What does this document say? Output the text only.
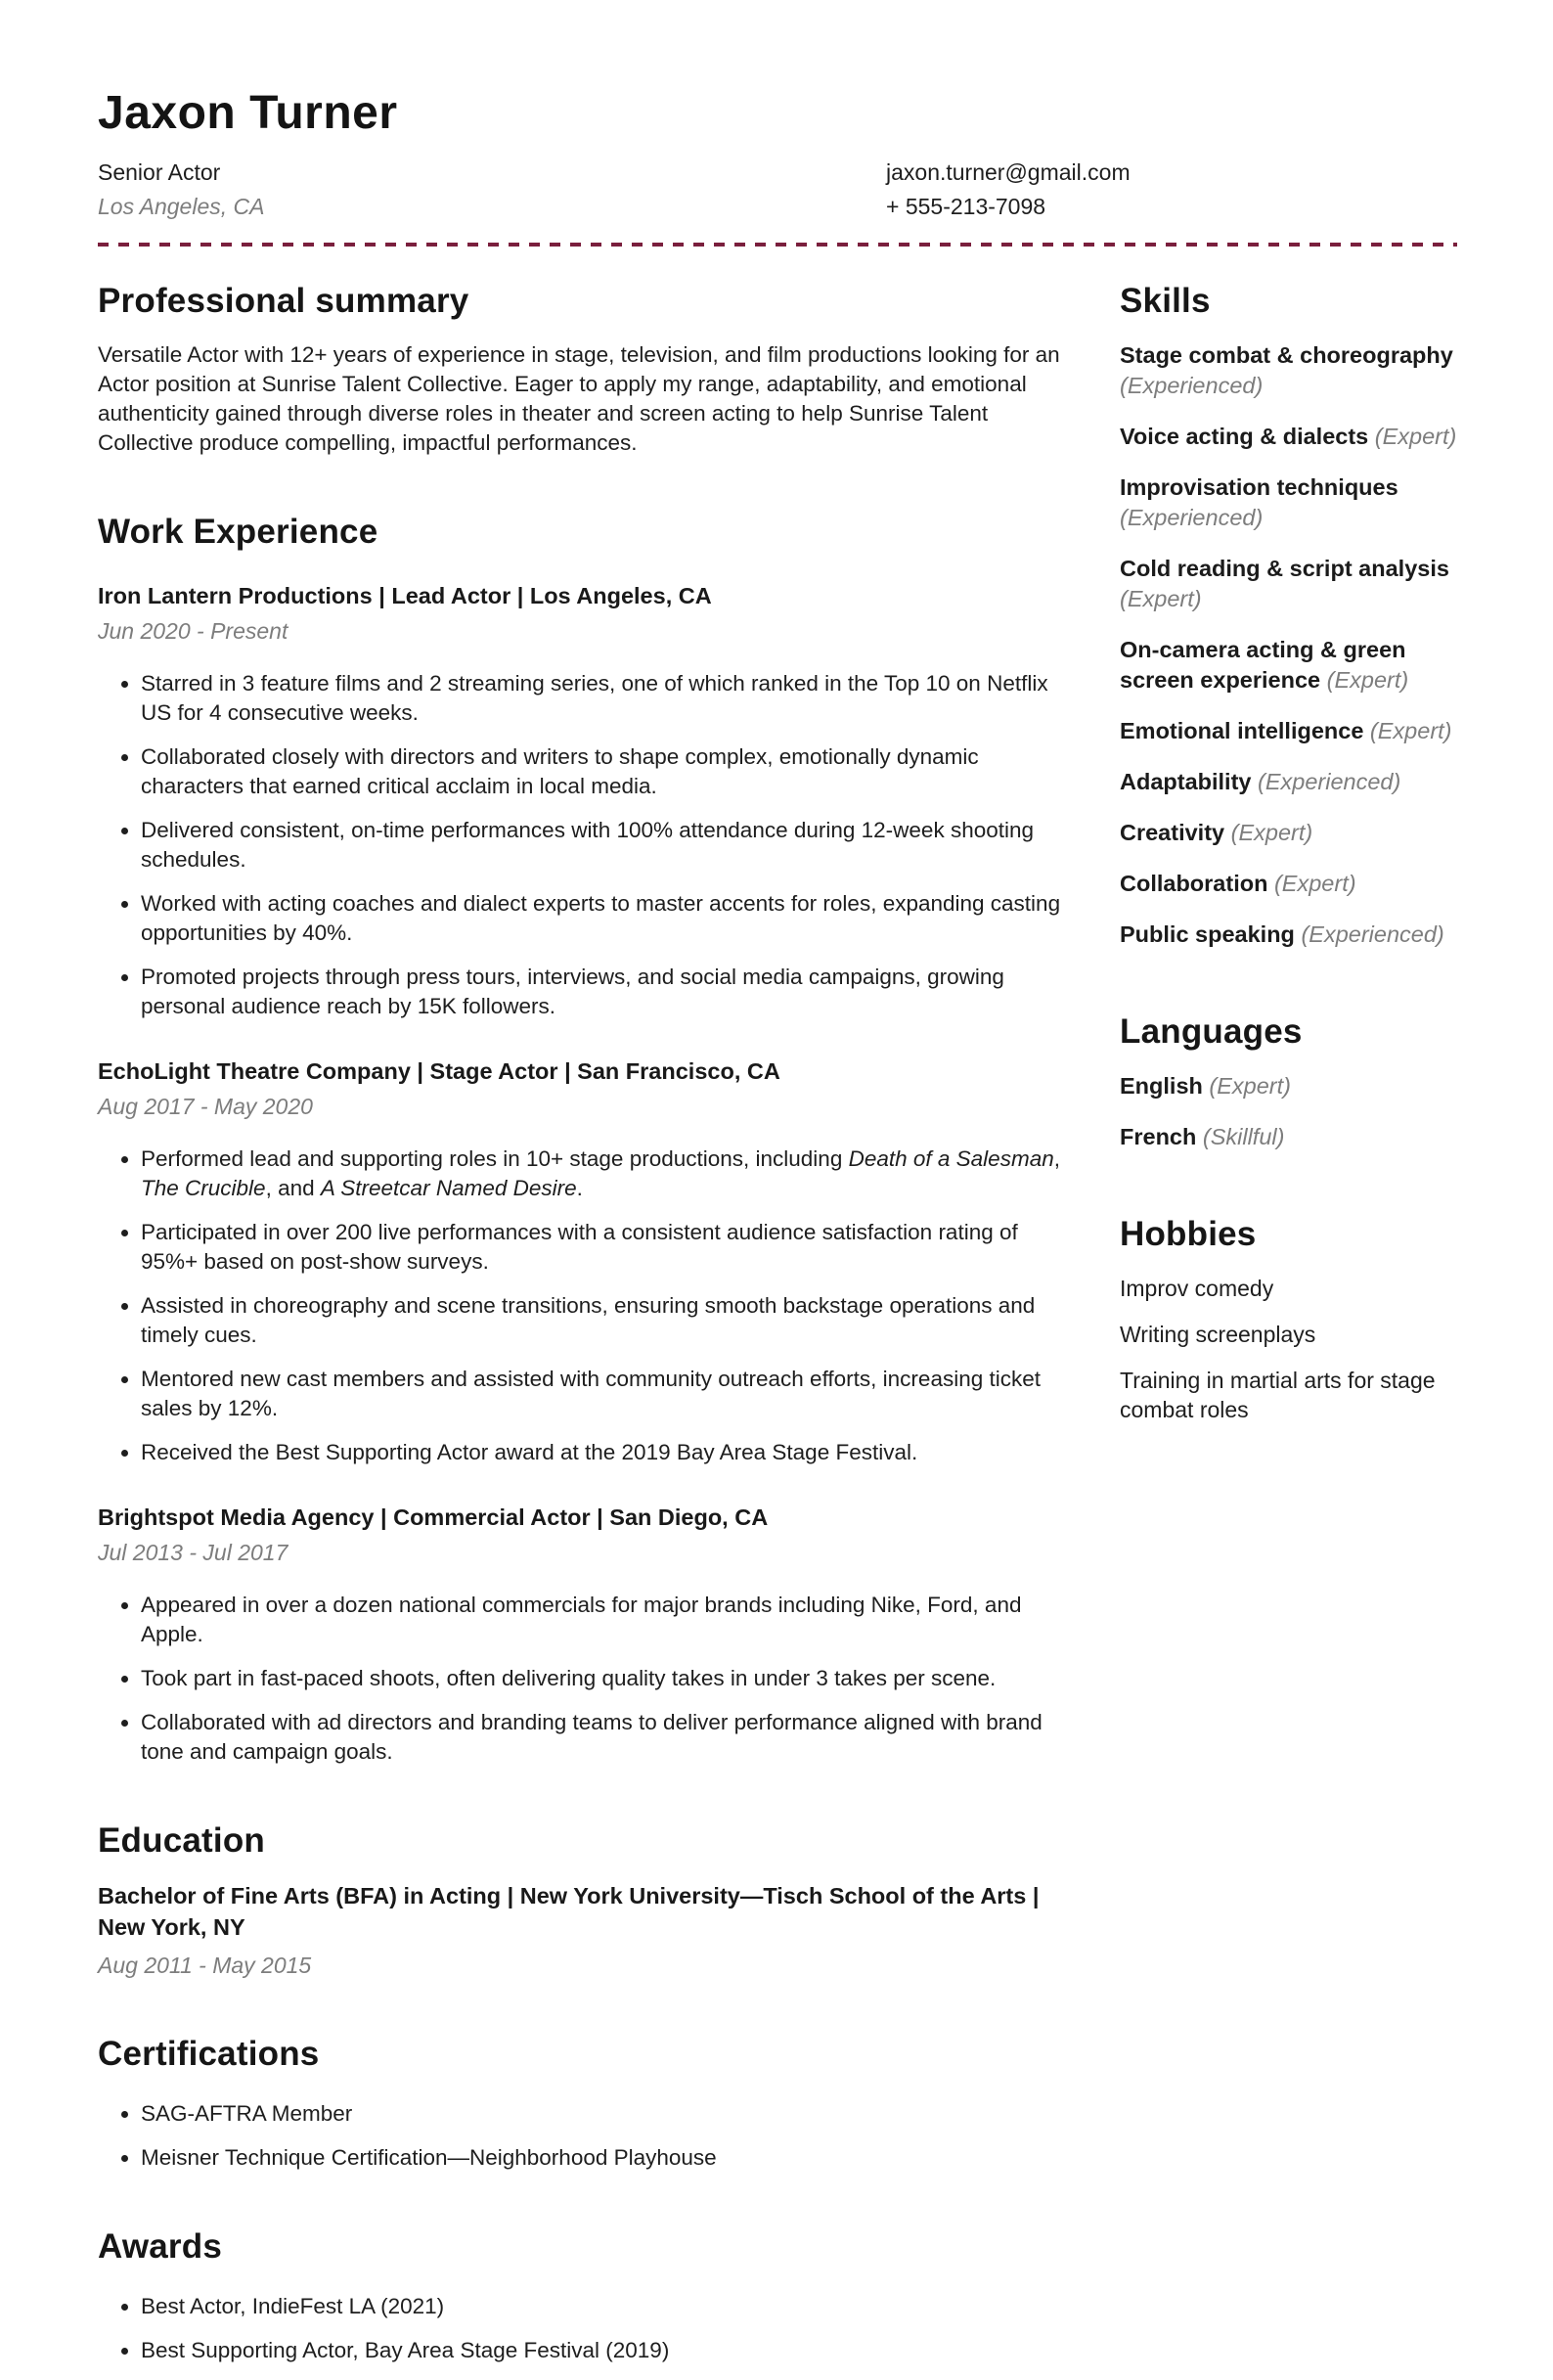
Jaxon Turner
Senior Actor
Los Angeles, CA
jaxon.turner@gmail.com
+ 555-213-7098
Professional summary

Versatile Actor with 12+ years of experience in stage, television, and film productions looking for an Actor position at Sunrise Talent Collective. Eager to apply my range, adaptability, and emotional authenticity gained through diverse roles in theater and screen acting to help Sunrise Talent Collective produce compelling, impactful performances.

Work Experience
Iron Lantern Productions | Lead Actor | Los Angeles, CA
Jun 2020 - Present
• Starred in 3 feature films and 2 streaming series, one of which ranked in the Top 10 on Netflix US for 4 consecutive weeks.
• Collaborated closely with directors and writers to shape complex, emotionally dynamic characters that earned critical acclaim in local media.
• Delivered consistent, on-time performances with 100% attendance during 12-week shooting schedules.
• Worked with acting coaches and dialect experts to master accents for roles, expanding casting opportunities by 40%.
• Promoted projects through press tours, interviews, and social media campaigns, growing personal audience reach by 15K followers.
EchoLight Theatre Company | Stage Actor | San Francisco, CA
Aug 2017 - May 2020
• Performed lead and supporting roles in 10+ stage productions, including Death of a Salesman, The Crucible, and A Streetcar Named Desire.
• Participated in over 200 live performances with a consistent audience satisfaction rating of 95%+ based on post-show surveys.
• Assisted in choreography and scene transitions, ensuring smooth backstage operations and timely cues.
• Mentored new cast members and assisted with community outreach efforts, increasing ticket sales by 12%.
• Received the Best Supporting Actor award at the 2019 Bay Area Stage Festival.
Brightspot Media Agency | Commercial Actor | San Diego, CA
Jul 2013 - Jul 2017
• Appeared in over a dozen national commercials for major brands including Nike, Ford, and Apple.
• Took part in fast-paced shoots, often delivering quality takes in under 3 takes per scene.
• Collaborated with ad directors and branding teams to deliver performance aligned with brand tone and campaign goals.
Education
Bachelor of Fine Arts (BFA) in Acting | New York University—Tisch School of the Arts | New York, NY
Aug 2011 - May 2015
Certifications
• SAG-AFTRA Member
• Meisner Technique Certification—Neighborhood Playhouse
Awards
• Best Actor, IndieFest LA (2021)
• Best Supporting Actor, Bay Area Stage Festival (2019)
Skills
Stage combat & choreography (Experienced)
Voice acting & dialects (Expert)
Improvisation techniques (Experienced)
Cold reading & script analysis (Expert)
On-camera acting & green screen experience (Expert)
Emotional intelligence (Expert)
Adaptability (Experienced)
Creativity (Expert)
Collaboration (Expert)
Public speaking (Experienced)
Languages
English (Expert)
French (Skillful)
Hobbies
Improv comedy
Writing screenplays
Training in martial arts for stage combat roles
